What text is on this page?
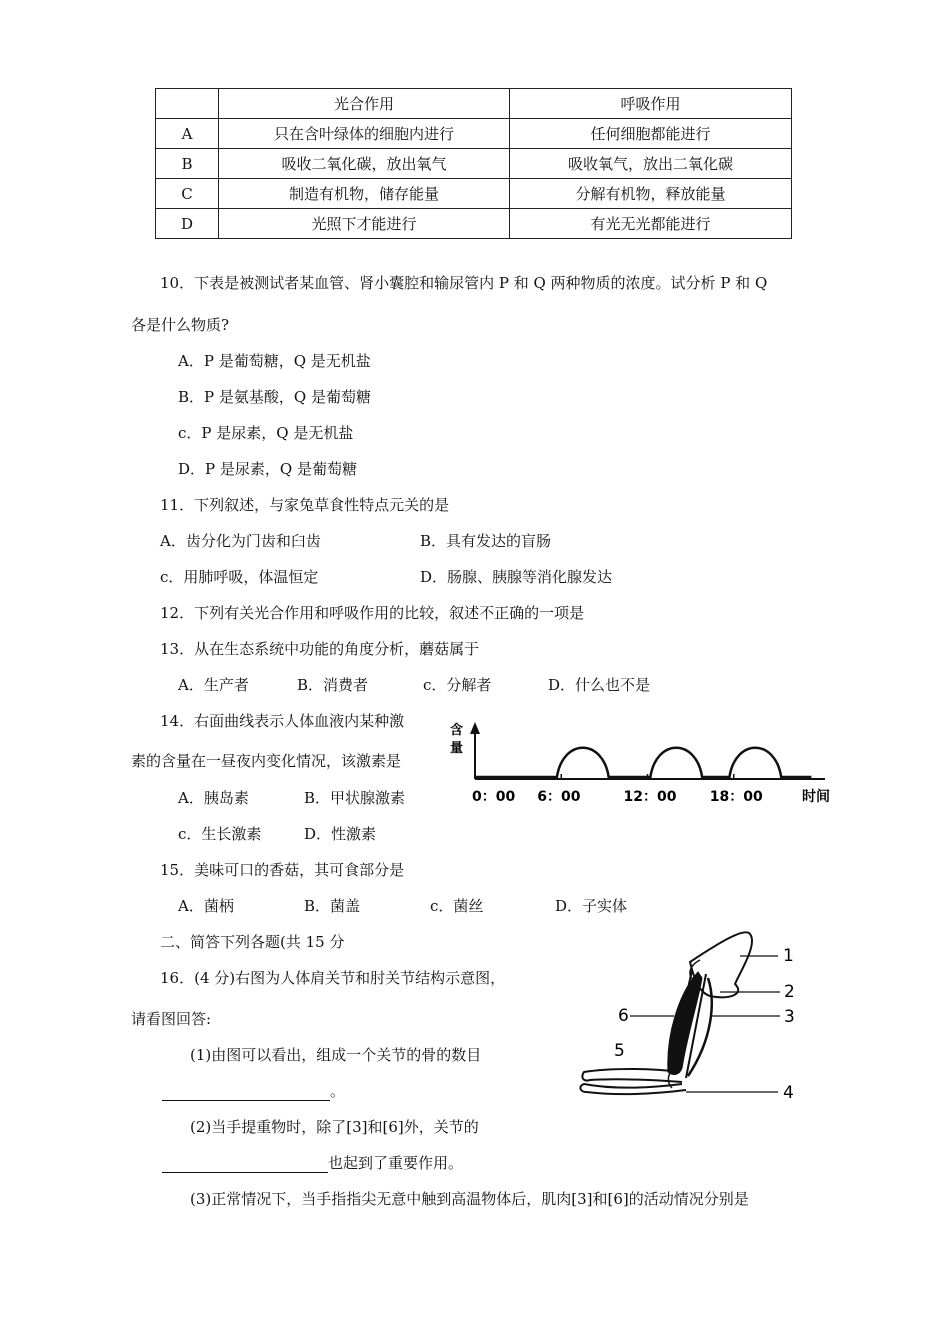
	光合作用	呼吸作用
A	只在含叶绿体的细胞内进行	任何细胞都能进行
B	吸收二氧化碳，放出氧气	吸收氧气，放出二氧化碳
C	制造有机物，储存能量	分解有机物，释放能量
D	光照下才能进行	有光无光都能进行
10．下表是被测试者某血管、肾小囊腔和输尿管内 P 和 Q 两种物质的浓度。试分析 P 和 Q
各是什么物质?
A．P 是葡萄糖，Q 是无机盐
B．P 是氨基酸，Q 是葡萄糖
c．P 是尿素，Q 是无机盐
D．P 是尿素，Q 是葡萄糖
11．下列叙述，与家兔草食性特点元关的是
A．齿分化为门齿和臼齿	B．具有发达的盲肠
c．用肺呼吸，体温恒定	D．肠腺、胰腺等消化腺发达
12．下列有关光合作用和呼吸作用的比较，叙述不正确的一项是
13．从在生态系统中功能的角度分析，蘑菇属于
A．生产者	B．消费者	c．分解者	D．什么也不是
14．右面曲线表示人体血液内某种激
素的含量在一昼夜内变化情况，该激素是
A．胰岛素	B．甲状腺激素
c．生长激素	D．性激素
含
量
0：00 6：00	12：00 18：00	时间
15．美味可口的香菇，其可食部分是
A．菌柄	B．菌盖	c．菌丝	D．子实体
二、简答下列各题(共 15 分
16．(4 分)右图为人体肩关节和肘关节结构示意图，
请看图回答:
(1)由图可以看出，组成一个关节的骨的数目
。
(2)当手提重物时，除了[3]和[6]外，关节的
也起到了重要作用。
(3)正常情况下，当手指指尖无意中触到高温物体后，肌肉[3]和[6]的活动情况分别是
1
2
3
4
5
6
